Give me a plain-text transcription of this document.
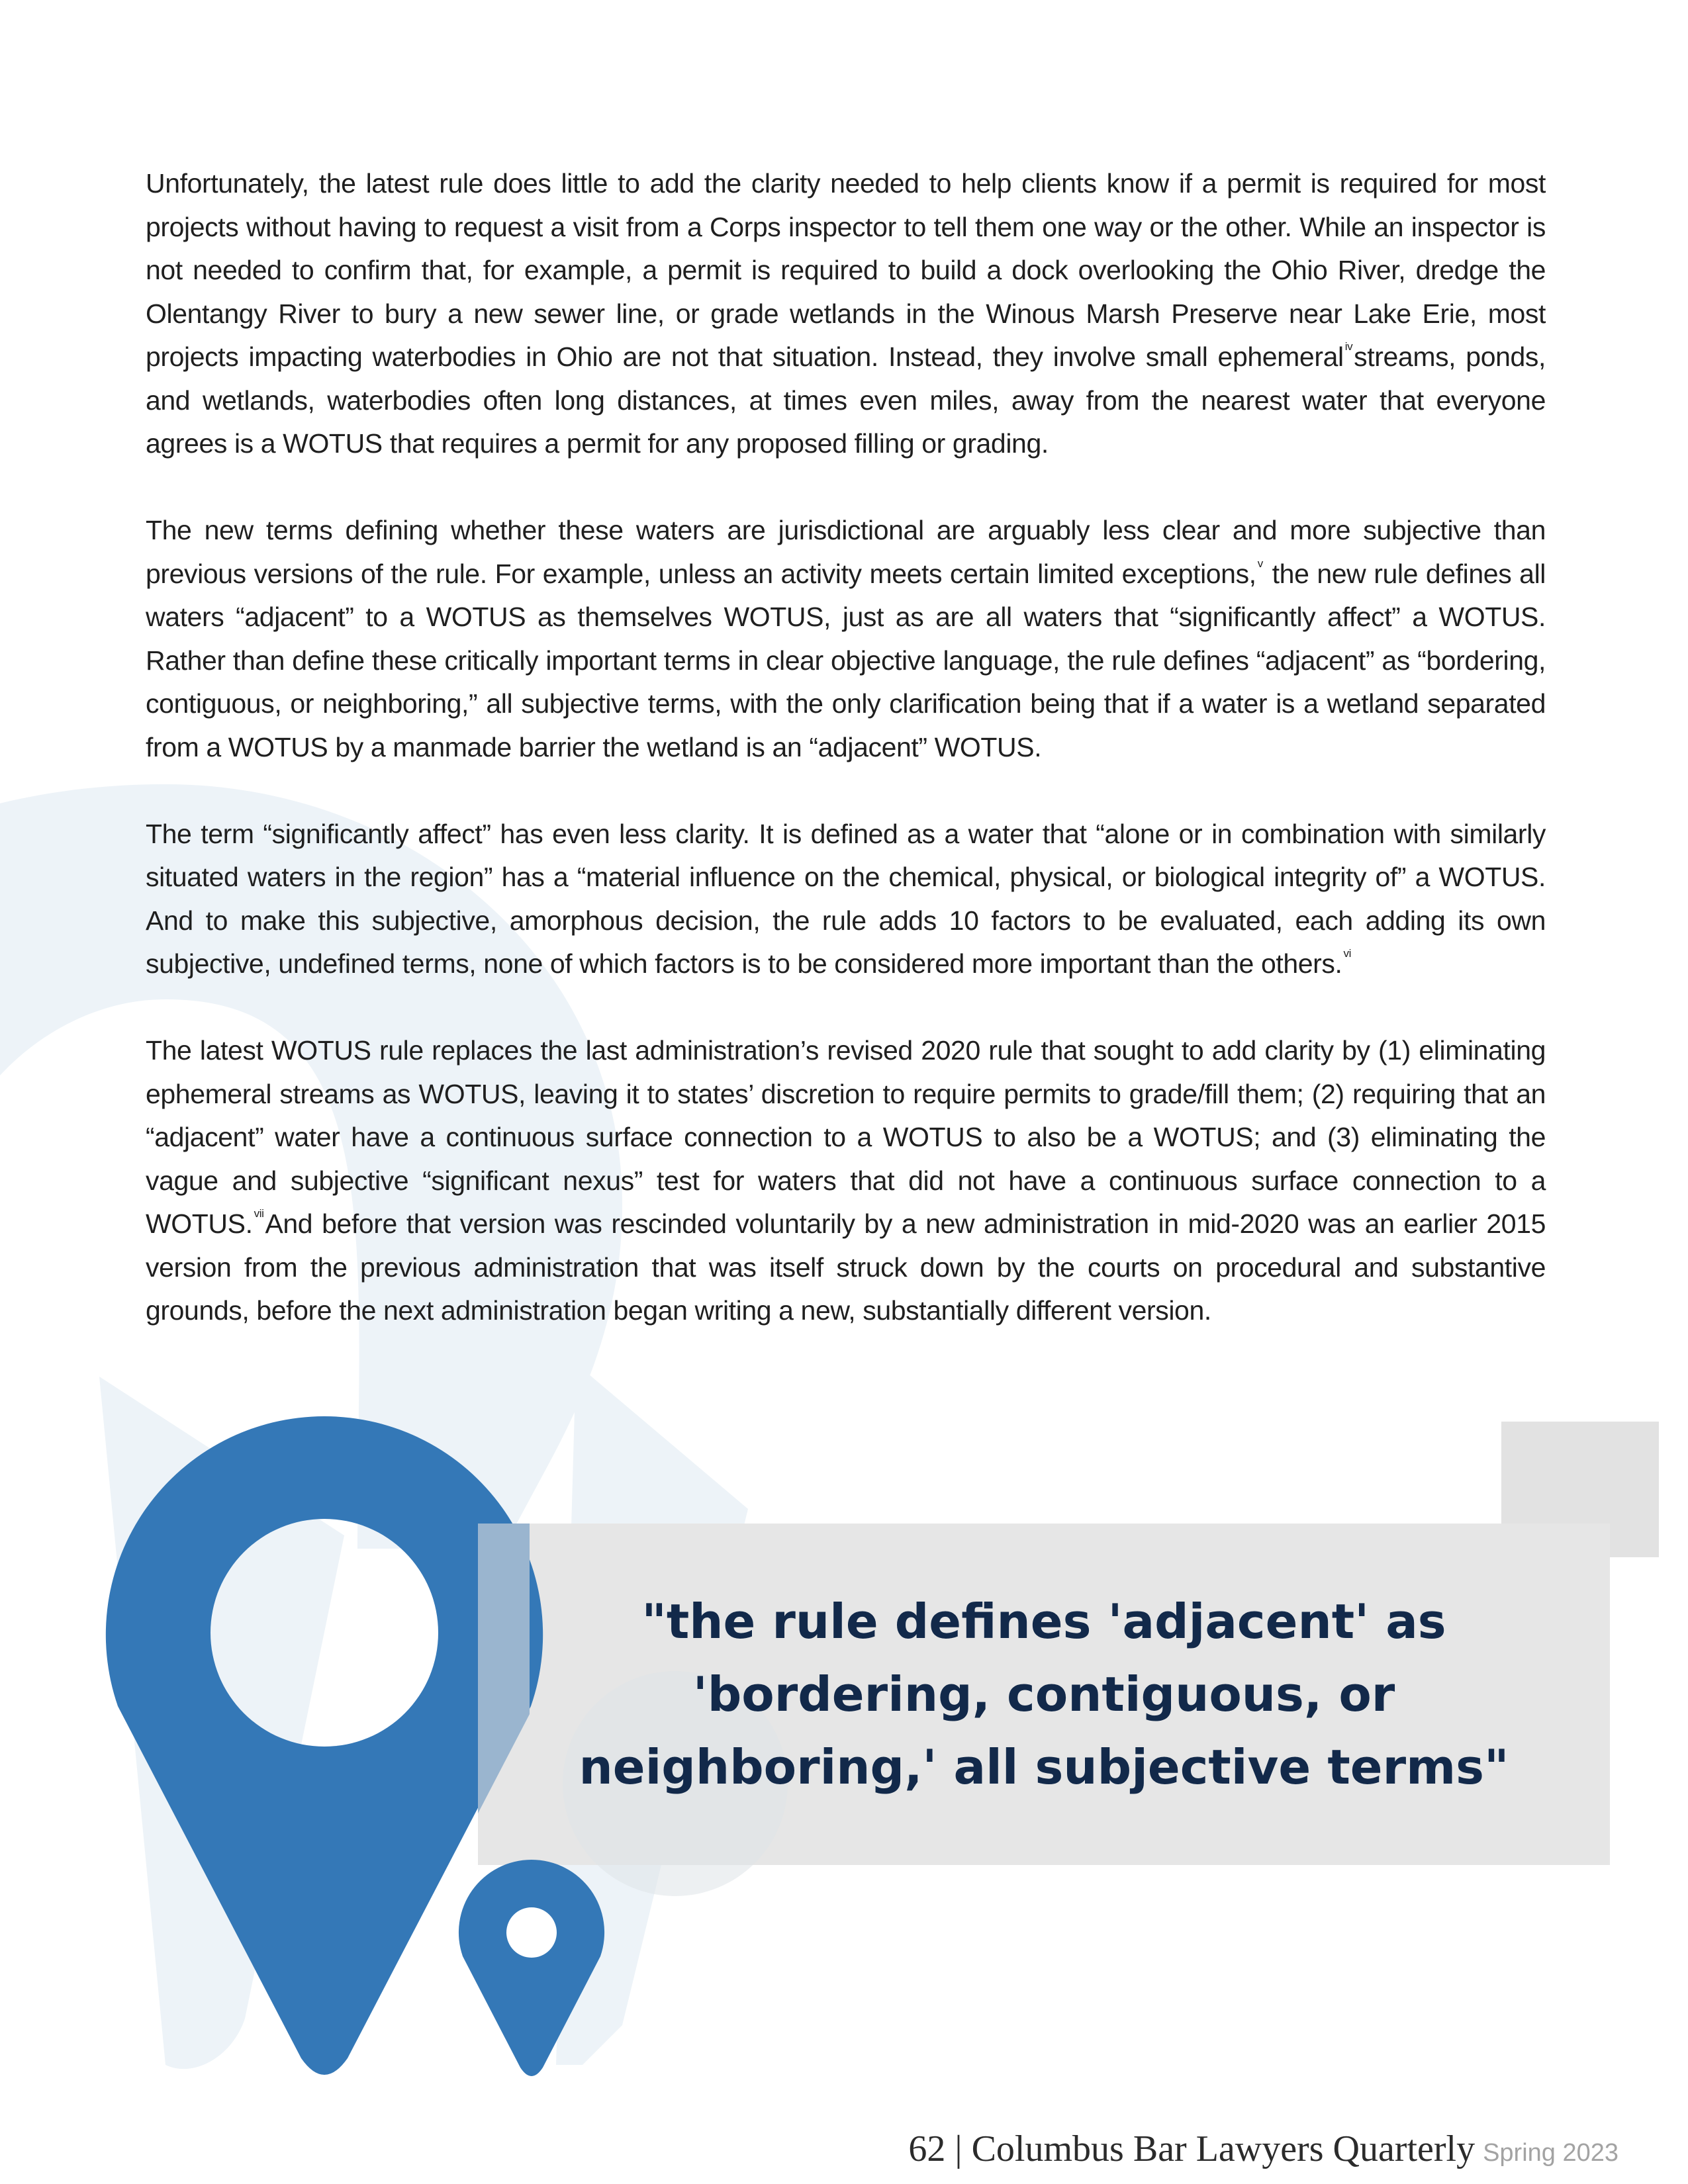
Unfortunately, the latest rule does little to add the clarity needed to help clients know if a permit is required for most projects without having to request a visit from a Corps inspector to tell them one way or the other. While an inspector is not needed to confirm that, for example, a permit is required to build a dock overlooking the Ohio River, dredge the Olentangy River to bury a new sewer line, or grade wetlands in the Winous Marsh Preserve near Lake Erie, most projects impacting waterbodies in Ohio are not that situation. Instead, they involve small ephemeral $^{iv}$streams, ponds, and wetlands, waterbodies often long distances, at times even miles, away from the nearest water that everyone agrees is a WOTUS that requires a permit for any proposed filling or grading.

The new terms defining whether these waters are jurisdictional are arguably less clear and more subjective than previous versions of the rule. For example, unless an activity meets certain limited exceptions, $^v$ the new rule defines all waters “adjacent” to a WOTUS as themselves WOTUS, just as are all waters that “significantly affect” a WOTUS. Rather than define these critically important terms in clear objective language, the rule defines “adjacent” as “bordering, contiguous, or neighboring,” all subjective terms, with the only clarification being that if a water is a wetland separated from a WOTUS by a manmade barrier the wetland is an “adjacent” WOTUS.

The term “significantly affect” has even less clarity. It is defined as a water that “alone or in combination with similarly situated waters in the region” has a “material influence on the chemical, physical, or biological integrity of” a WOTUS. And to make this subjective, amorphous decision, the rule adds 10 factors to be evaluated, each adding its own subjective, undefined terms, none of which factors is to be considered more important than the others. $^{vi}$

The latest WOTUS rule replaces the last administration’s revised 2020 rule that sought to add clarity by (1) eliminating ephemeral streams as WOTUS, leaving it to states’ discretion to require permits to grade/fill them; (2) requiring that an “adjacent” water have a continuous surface connection to a WOTUS to also be a WOTUS; and (3) eliminating the vague and subjective “significant nexus” test for waters that did not have a continuous surface connection to a WOTUS. $^{vii}$And before that version was rescinded voluntarily by a new administration in mid-2020 was an earlier 2015 version from the previous administration that was itself struck down by the courts on procedural and substantive grounds, before the next administration began writing a new, substantially different version.

"the rule defines 'adjacent' as 'bordering, contiguous, or neighboring,' all subjective terms"

62 | Columbus Bar Lawyers Quarterly Spring 2023
